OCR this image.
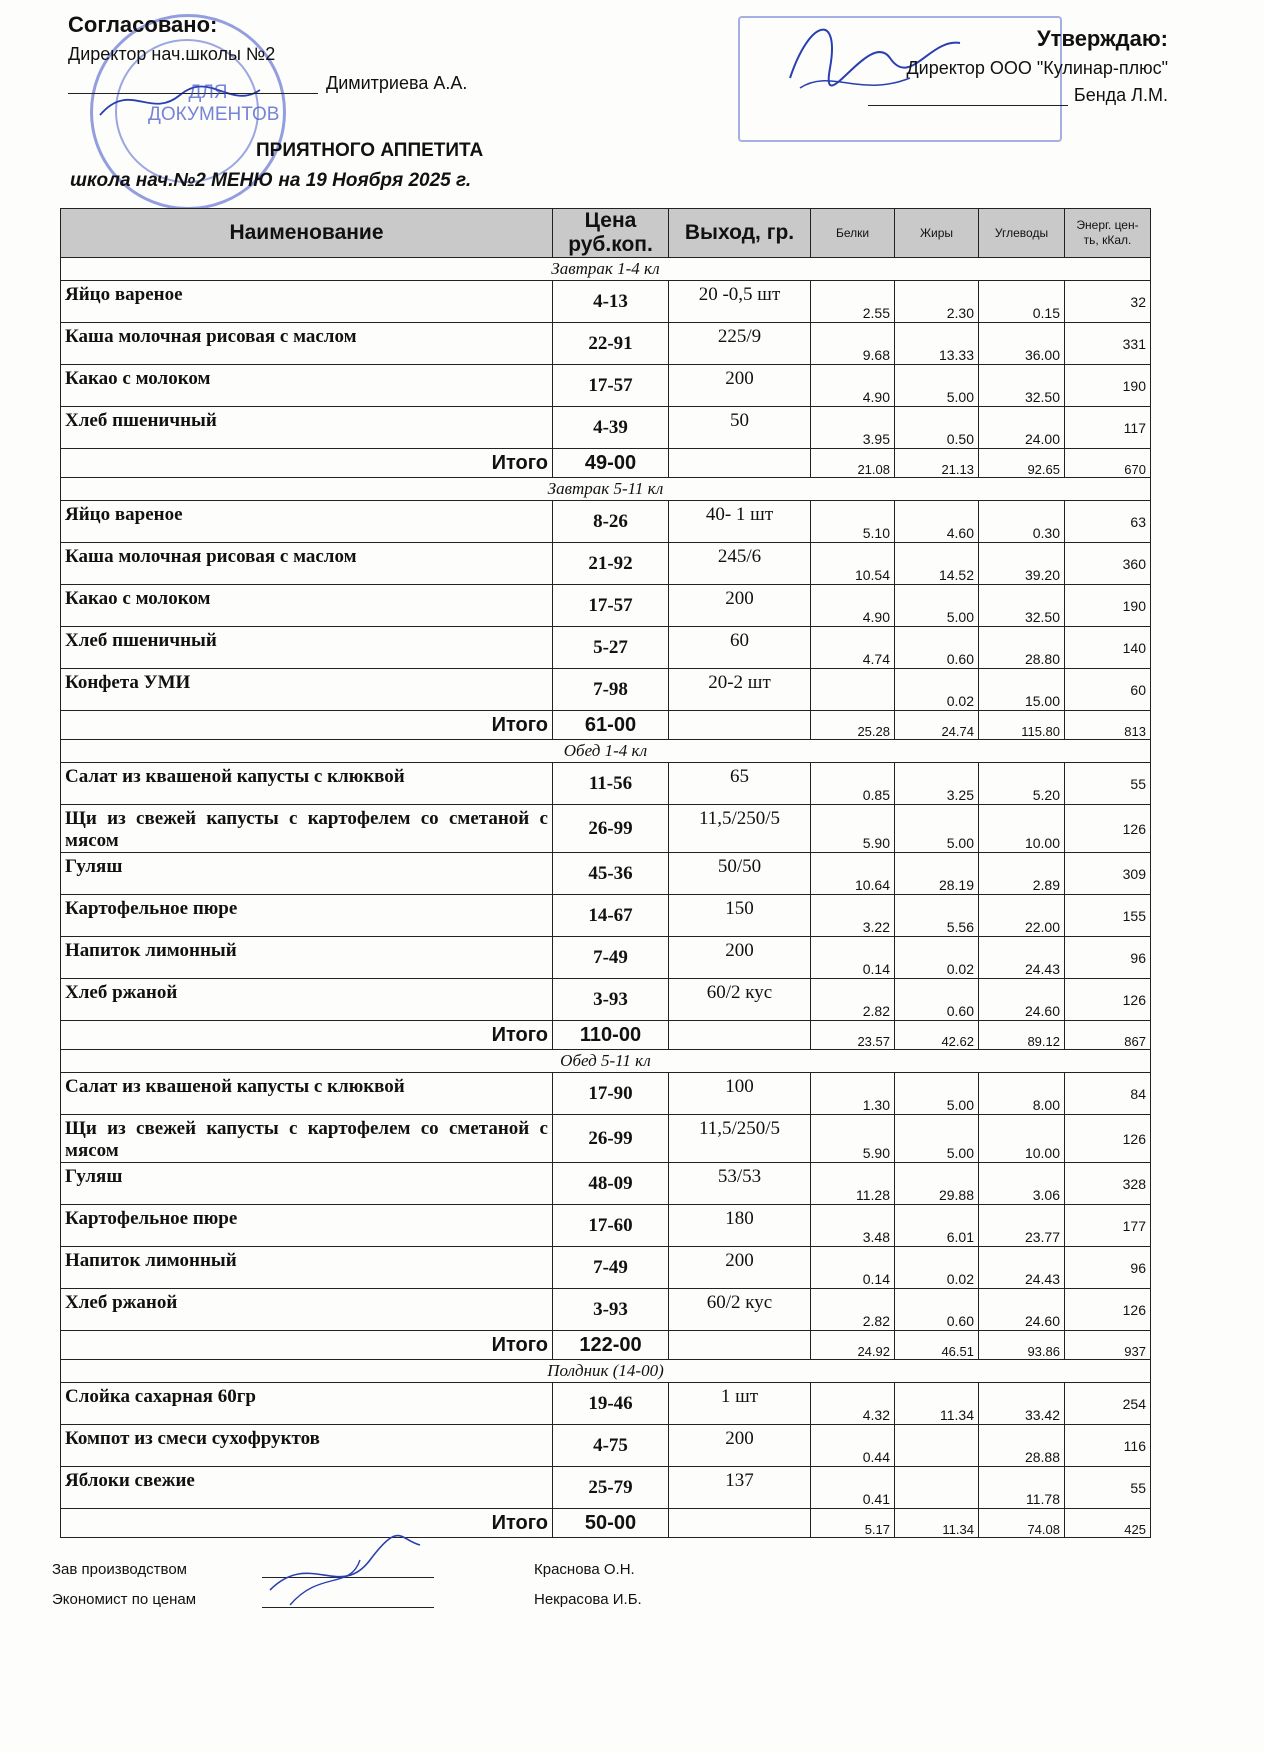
Согласовано:
Директор нач.школы №2
Димитриева А.А.
ДЛЯ ДОКУМЕНТОВ
Утверждаю:
Директор ООО "Кулинар-плюс"
Бенда Л.М.
ПРИЯТНОГО АППЕТИТА
школа нач.№2 МЕНЮ на 19 Ноября 2025 г.
Наименование	Цена руб.коп.	Выход, гр.	Белки	Жиры	Углеводы	Энерг. цен-ть, кКал.
Завтрак 1-4 кл						
Яйцо вареное	4-13	20 -0,5 шт	2.55	2.30	0.15	32
Каша молочная рисовая с маслом	22-91	225/9	9.68	13.33	36.00	331
Какао с молоком	17-57	200	4.90	5.00	32.50	190
Хлеб пшеничный	4-39	50	3.95	0.50	24.00	117
Итого	49-00		21.08	21.13	92.65	670
Завтрак 5-11 кл						
Яйцо вареное	8-26	40- 1 шт	5.10	4.60	0.30	63
Каша молочная рисовая с маслом	21-92	245/6	10.54	14.52	39.20	360
Какао с молоком	17-57	200	4.90	5.00	32.50	190
Хлеб пшеничный	5-27	60	4.74	0.60	28.80	140
Конфета УМИ	7-98	20-2 шт		0.02	15.00	60
Итого	61-00		25.28	24.74	115.80	813
Обед 1-4 кл						
Салат из квашеной капусты с клюквой	11-56	65	0.85	3.25	5.20	55
Щи из свежей капусты с картофелем со сметаной с мясом	26-99	11,5/250/5	5.90	5.00	10.00	126
Гуляш	45-36	50/50	10.64	28.19	2.89	309
Картофельное пюре	14-67	150	3.22	5.56	22.00	155
Напиток лимонный	7-49	200	0.14	0.02	24.43	96
Хлеб ржаной	3-93	60/2 кус	2.82	0.60	24.60	126
Итого	110-00		23.57	42.62	89.12	867
Обед 5-11 кл						
Салат из квашеной капусты с клюквой	17-90	100	1.30	5.00	8.00	84
Щи из свежей капусты с картофелем со сметаной с мясом	26-99	11,5/250/5	5.90	5.00	10.00	126
Гуляш	48-09	53/53	11.28	29.88	3.06	328
Картофельное пюре	17-60	180	3.48	6.01	23.77	177
Напиток лимонный	7-49	200	0.14	0.02	24.43	96
Хлеб ржаной	3-93	60/2 кус	2.82	0.60	24.60	126
Итого	122-00		24.92	46.51	93.86	937
Полдник (14-00)						
Слойка сахарная 60гр	19-46	1 шт	4.32	11.34	33.42	254
Компот из смеси сухофруктов	4-75	200	0.44		28.88	116
Яблоки свежие	25-79	137	0.41		11.78	55
Итого	50-00		5.17	11.34	74.08	425
Зав производством	Краснова О.Н.
Экономист по ценам	Некрасова И.Б.
